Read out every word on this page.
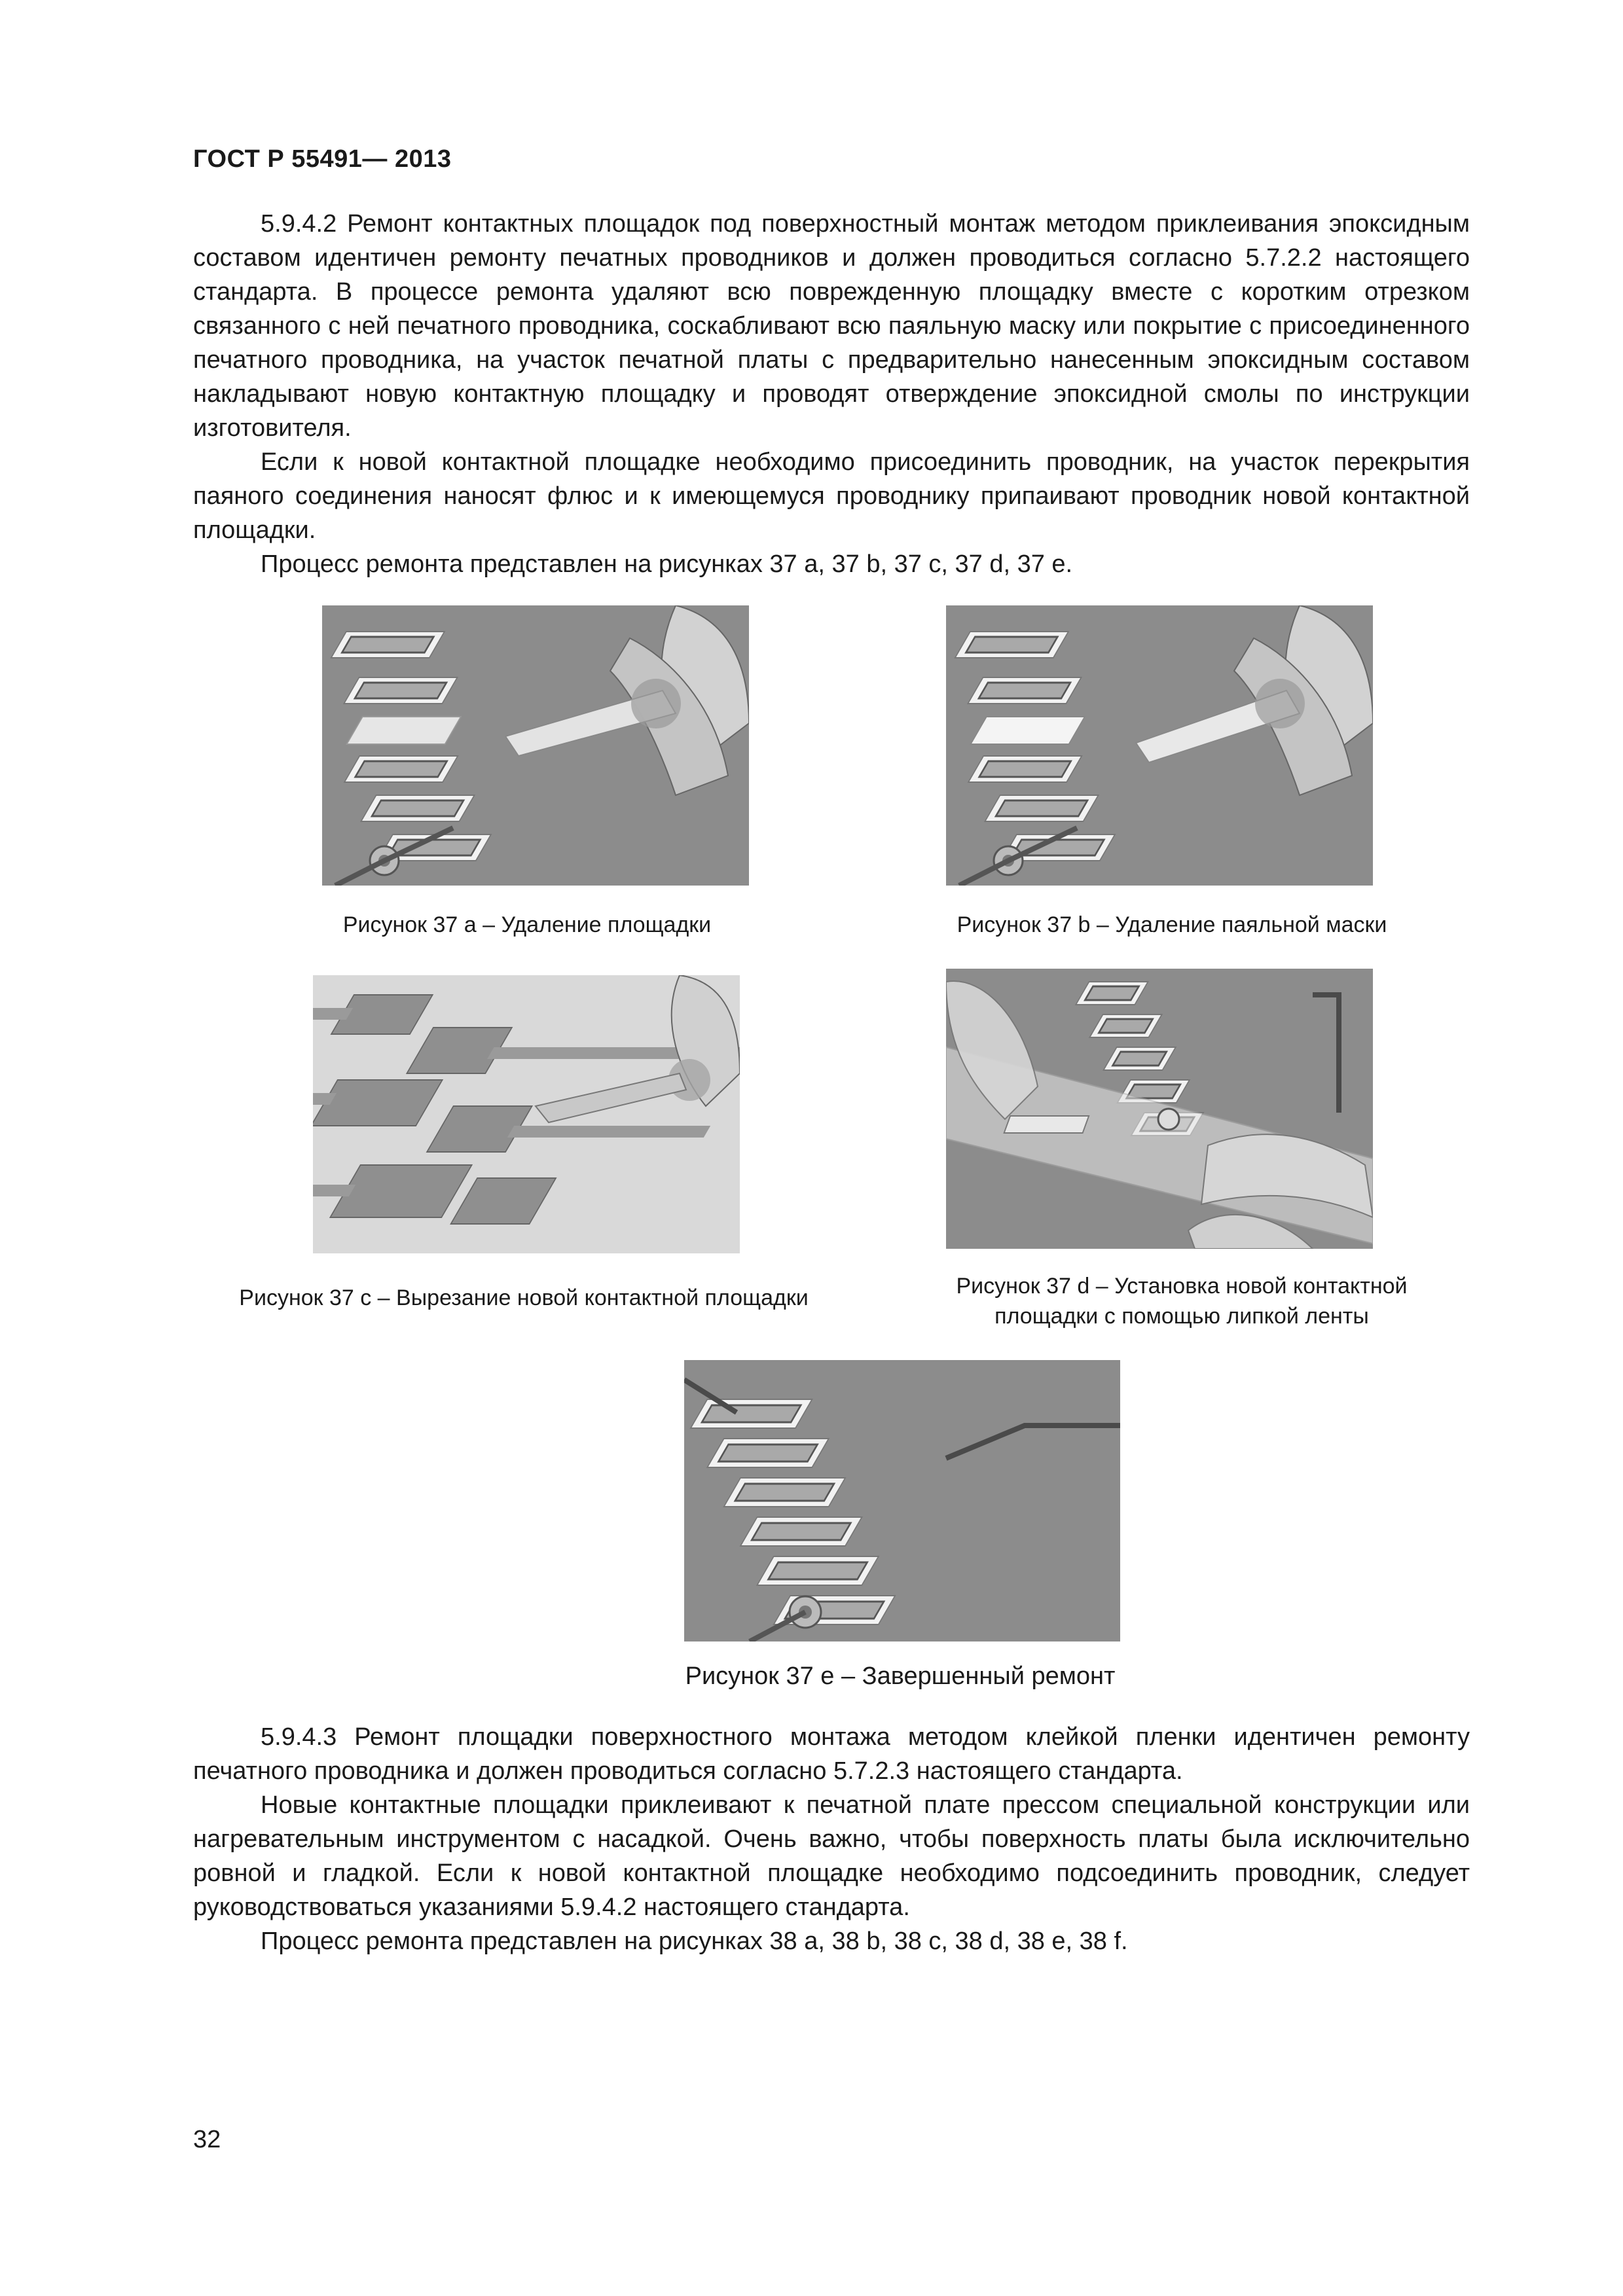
ГОСТ Р 55491— 2013

5.9.4.2 Ремонт контактных площадок под поверхностный монтаж методом приклеивания эпоксидным составом идентичен ремонту печатных проводников и должен проводиться согласно 5.7.2.2 настоящего стандарта. В процессе ремонта удаляют всю поврежденную площадку вместе с коротким отрезком связанного с ней печатного проводника, соскабливают всю паяльную маску или покрытие с присоединенного печатного проводника, на участок печатной платы с предварительно нанесенным эпоксидным составом накладывают новую контактную площадку и проводят отверждение эпоксидной смолы по инструкции изготовителя.

Если к новой контактной площадке необходимо присоединить проводник, на участок перекрытия паяного соединения наносят флюс и к имеющемуся проводнику припаивают проводник новой контактной площадки.

Процесс ремонта представлен на рисунках 37 а, 37 b, 37 c, 37 d, 37 e.

Рисунок 37 а – Удаление площадки	Рисунок 37 b – Удаление паяльной маски
Рисунок 37 с – Вырезание новой контактной площадки	Рисунок 37 d – Установка новой контактной
площадки с помощью липкой ленты
Рисунок 37 е – Завершенный ремонт

5.9.4.3 Ремонт площадки поверхностного монтажа методом клейкой пленки идентичен ремонту печатного проводника и должен проводиться согласно 5.7.2.3 настоящего стандарта.

Новые контактные площадки приклеивают к печатной плате прессом специальной конструкции или нагревательным инструментом с насадкой. Очень важно, чтобы поверхность платы была исключительно ровной и гладкой. Если к новой контактной площадке необходимо подсоединить проводник, следует руководствоваться указаниями 5.9.4.2 настоящего стандарта.

Процесс ремонта представлен на рисунках 38 a, 38 b, 38 c, 38 d, 38 e, 38 f.

32
